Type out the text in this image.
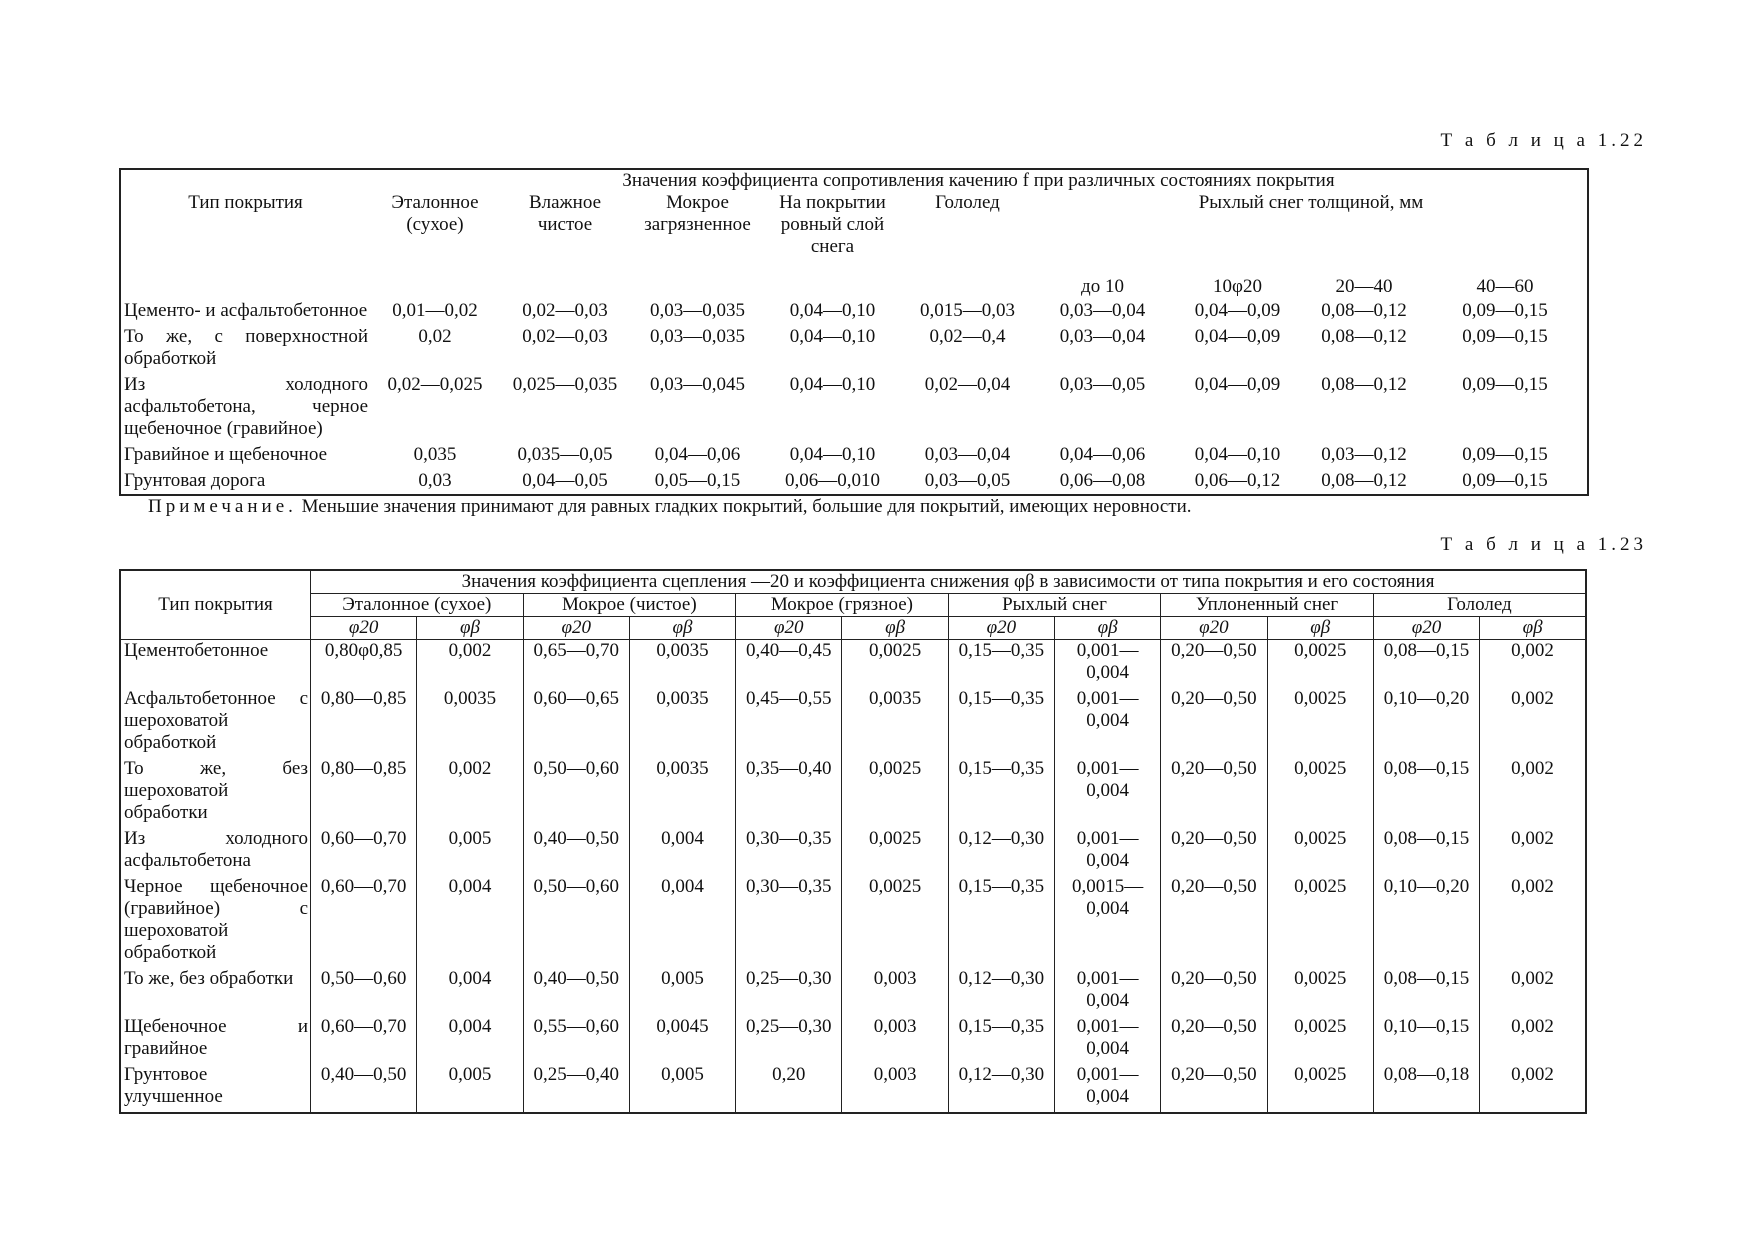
Т а б л и ц а 1.22
	Значения коэффициента сопротивления качению f при различных состояниях покрытия								
Тип покрытия	Эталонное (сухое)	Влажное чистое	Мокрое загрязненное	На покрытии ровный слой снега	Гололед	Рыхлый снег толщиной, мм			
						до 10	10φ20	20—40	40—60
Цементо- и асфальтобетонное	0,01—0,02	0,02—0,03	0,03—0,035	0,04—0,10	0,015—0,03	0,03—0,04	0,04—0,09	0,08—0,12	0,09—0,15
То же, с поверхностной обработкой	0,02	0,02—0,03	0,03—0,035	0,04—0,10	0,02—0,4	0,03—0,04	0,04—0,09	0,08—0,12	0,09—0,15
Из холодного асфальтобетона, черное щебеночное (гравийное)	0,02—0,025	0,025—0,035	0,03—0,045	0,04—0,10	0,02—0,04	0,03—0,05	0,04—0,09	0,08—0,12	0,09—0,15
Гравийное и щебеночное	0,035	0,035—0,05	0,04—0,06	0,04—0,10	0,03—0,04	0,04—0,06	0,04—0,10	0,03—0,12	0,09—0,15
Грунтовая дорога	0,03	0,04—0,05	0,05—0,15	0,06—0,010	0,03—0,05	0,06—0,08	0,06—0,12	0,08—0,12	0,09—0,15
Примечание. Меньшие значения принимают для равных гладких покрытий, большие для покрытий, имеющих неровности.
Т а б л и ц а 1.23
Тип покрытия	Значения коэффициента сцепления —20 и коэффициента снижения φβ в зависимости от типа покрытия и его состояния											
	Эталонное (сухое)		Мокрое (чистое)		Мокрое (грязное)		Рыхлый снег		Уплоненный снег		Гололед	
	φ20	φβ	φ20	φβ	φ20	φβ	φ20	φβ	φ20	φβ	φ20	φβ
Цементобетонное	0,80φ0,85	0,002	0,65—0,70	0,0035	0,40—0,45	0,0025	0,15—0,35	0,001—0,004	0,20—0,50	0,0025	0,08—0,15	0,002
Асфальтобетонное с шероховатой обработкой	0,80—0,85	0,0035	0,60—0,65	0,0035	0,45—0,55	0,0035	0,15—0,35	0,001—0,004	0,20—0,50	0,0025	0,10—0,20	0,002
То же, без шероховатой обработки	0,80—0,85	0,002	0,50—0,60	0,0035	0,35—0,40	0,0025	0,15—0,35	0,001—0,004	0,20—0,50	0,0025	0,08—0,15	0,002
Из холодного асфальтобетона	0,60—0,70	0,005	0,40—0,50	0,004	0,30—0,35	0,0025	0,12—0,30	0,001—0,004	0,20—0,50	0,0025	0,08—0,15	0,002
Черное щебеночное (гравийное) с шероховатой обработкой	0,60—0,70	0,004	0,50—0,60	0,004	0,30—0,35	0,0025	0,15—0,35	0,0015—0,004	0,20—0,50	0,0025	0,10—0,20	0,002
То же, без обработки	0,50—0,60	0,004	0,40—0,50	0,005	0,25—0,30	0,003	0,12—0,30	0,001—0,004	0,20—0,50	0,0025	0,08—0,15	0,002
Щебеночное и гравийное	0,60—0,70	0,004	0,55—0,60	0,0045	0,25—0,30	0,003	0,15—0,35	0,001—0,004	0,20—0,50	0,0025	0,10—0,15	0,002
Грунтовое улучшенное	0,40—0,50	0,005	0,25—0,40	0,005	0,20	0,003	0,12—0,30	0,001—0,004	0,20—0,50	0,0025	0,08—0,18	0,002
